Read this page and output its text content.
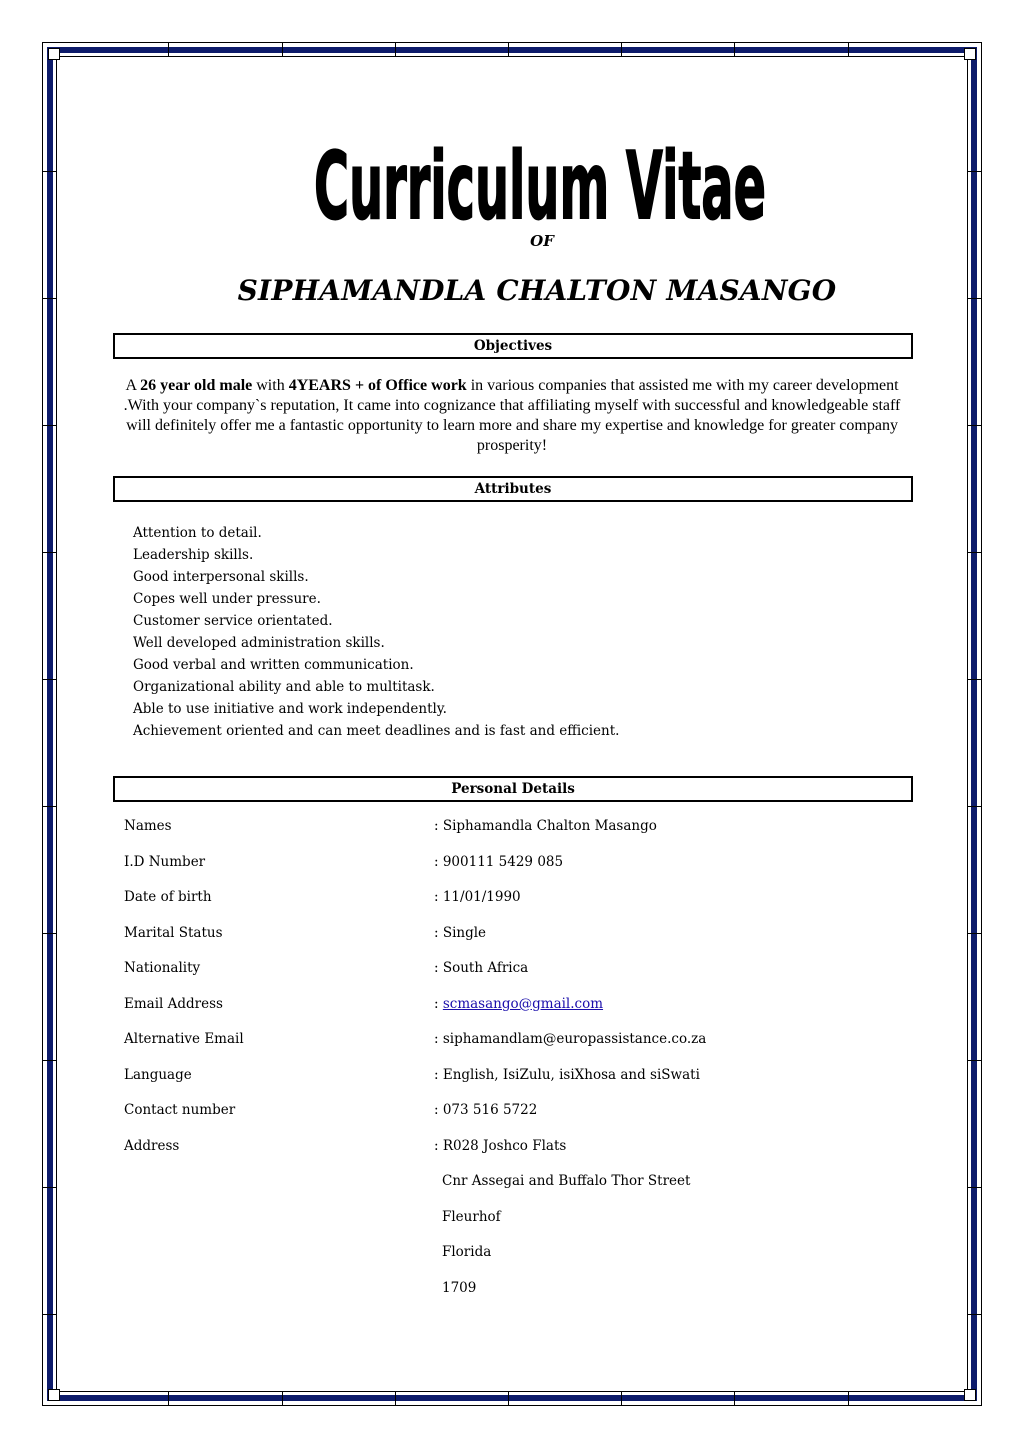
Curriculum Vitae
OF
SIPHAMANDLA CHALTON MASANGO
Objectives
A 26 year old male with 4YEARS + of Office work in various companies that assisted me with my career development .With your company`s reputation, It came into cognizance that affiliating myself with successful and knowledgeable staff will definitely offer me a fantastic opportunity to learn more and share my expertise and knowledge for greater company prosperity!
Attributes
Attention to detail.
Leadership skills.
Good interpersonal skills.
Copes well under pressure.
Customer service orientated.
Well developed administration skills.
Good verbal and written communication.
Organizational ability and able to multitask.
Able to use initiative and work independently.
Achievement oriented and can meet deadlines and is fast and efficient.
Personal Details
Names	: Siphamandla Chalton Masango
I.D Number	: 900111 5429 085
Date of birth	: 11/01/1990
Marital Status	: Single
Nationality	: South Africa
Email Address	: scmasango@gmail.com
Alternative Email	: siphamandlam@europassistance.co.za
Language	: English, IsiZulu, isiXhosa and siSwati
Contact number	: 073 516 5722
Address	: R028 Joshco Flats
Cnr Assegai and Buffalo Thor Street
Fleurhof
Florida
1709
